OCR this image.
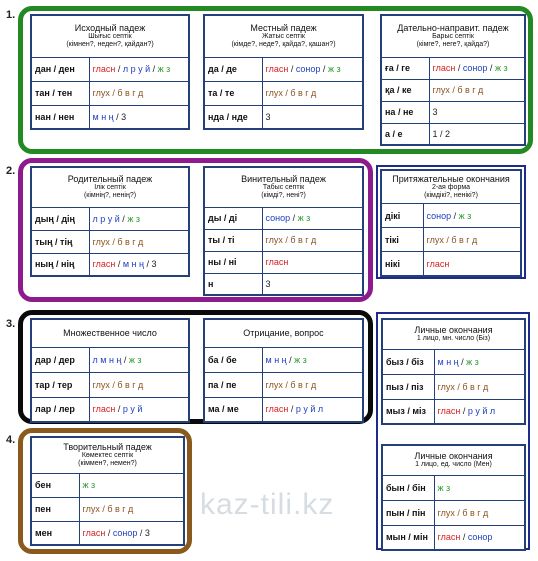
1.
2.
3.
4.
kaz-tili.kz
Исходный падеж
Шығыс септік
(кімнен?, неден?, қайдан?)	

дан / ден	гласн / л р у й / ж з
тан / тен	глух / б в г д
нан / нен	м н ң / 3
Местный падеж
Жатыс септік
(кімде?, неде?, қайда?, қашан?)	

да / де	гласн / сонор / ж з
та / те	глух / б в г д
нда / нде	3
Дательно-направит. падеж
Барыс септік
(кімге?, неге?, қайда?)	

ға / ге	гласн / сонор / ж з
қа / ке	глух / б в г д
на / не	3
а / е	1 / 2
Родительный падеж
Ілік септік
(кімнің?, ненің?)	

дың / дің	л р у й / ж з
тың / тің	глух / б в г д
ның / нің	гласн / м н ң / 3
Винительный падеж
Табыс септік
(кімді?, нені?)	

ды / ді	сонор / ж з
ты / ті	глух / б в г д
ны / ні	гласн
н	3
Притяжательные окончания
2-ая форма
(кімдікі?, ненікі?)	

дікі	сонор / ж з
тікі	глух / б в г д
нікі	гласн
Множественное число	

дар / дер	л м н ң / ж з
тар / тер	глух / б в г д
лар / лер	гласн / р у й
Отрицание, вопрос	

ба / бе	м н ң / ж з
па / пе	глух / б в г д
ма / ме	гласн / р у й л
Личные окончания
1 лицо, мн. число (Біз)	

быз / біз	м н ң / ж з
пыз / піз	глух / б в г д
мыз / міз	гласн / р у й л
Творительный падеж
Көмектес септік
(кіммен?, немен?)	

бен	ж з
пен	глух / б в г д
мен	гласн / сонор / 3
Личные окончания
1 лицо, ед. число (Мен)	

бын / бін	ж з
пын / пін	глух / б в г д
мын / мін	гласн / сонор
